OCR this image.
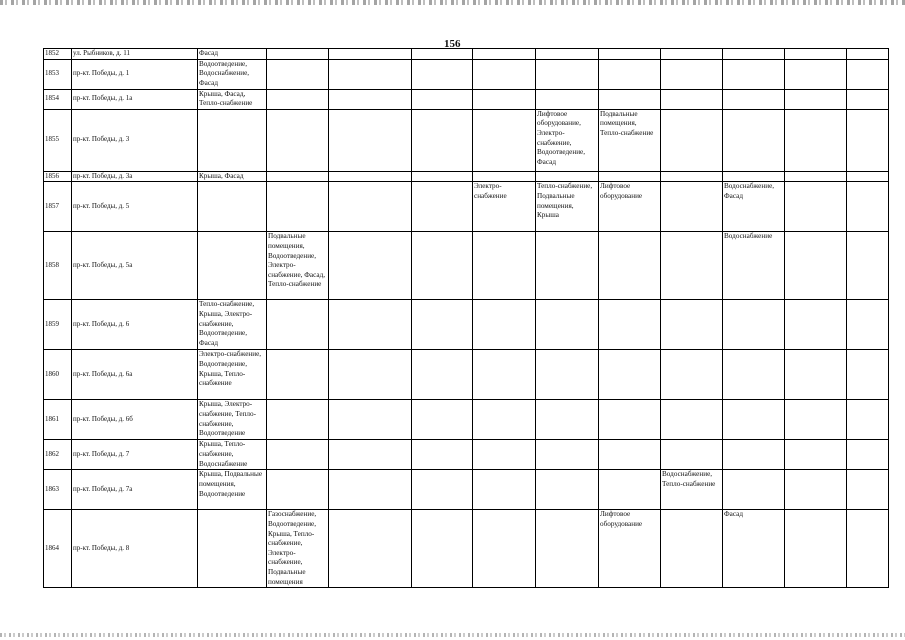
156
1852	ул. Рыбников, д. 11	Фасад										
1853	пр-кт. Победы, д. 1	Водоотведение, Водоснабжение, Фасад										
1854	пр-кт. Победы, д. 1а	Крыша, Фасад, Тепло-снабжение										
1855	пр-кт. Победы, д. 3						Лифтовое оборудование, Электро-снабжение, Водоотведение, Фасад	Подвальные помещения, Тепло-снабжение				
1856	пр-кт. Победы, д. 3а	Крыша, Фасад										
1857	пр-кт. Победы, д. 5					Электро-снабжение	Тепло-снабжение, Подвальные помещения, Крыша	Лифтовое оборудование		Водоснабжение, Фасад		
1858	пр-кт. Победы, д. 5а		Подвальные помещения, Водоотведение, Электро-снабжение, Фасад, Тепло-снабжение							Водоснабжение		
1859	пр-кт. Победы, д. 6	Тепло-снабжение, Крыша, Электро-снабжение, Водоотведение, Фасад										
1860	пр-кт. Победы, д. 6а	Электро-снабжение, Водоотведение, Крыша, Тепло-снабжение										
1861	пр-кт. Победы, д. 6б	Крыша, Электро-снабжение, Тепло-снабжение, Водоотведение										
1862	пр-кт. Победы, д. 7	Крыша, Тепло-снабжение, Водоснабжение										
1863	пр-кт. Победы, д. 7а	Крыша, Подвальные помещения, Водоотведение							Водоснабжение, Тепло-снабжение			
1864	пр-кт. Победы, д. 8		Газоснабжение, Водоотведение, Крыша, Тепло-снабжение, Электро-снабжение, Подвальные помещения					Лифтовое оборудование		Фасад		
